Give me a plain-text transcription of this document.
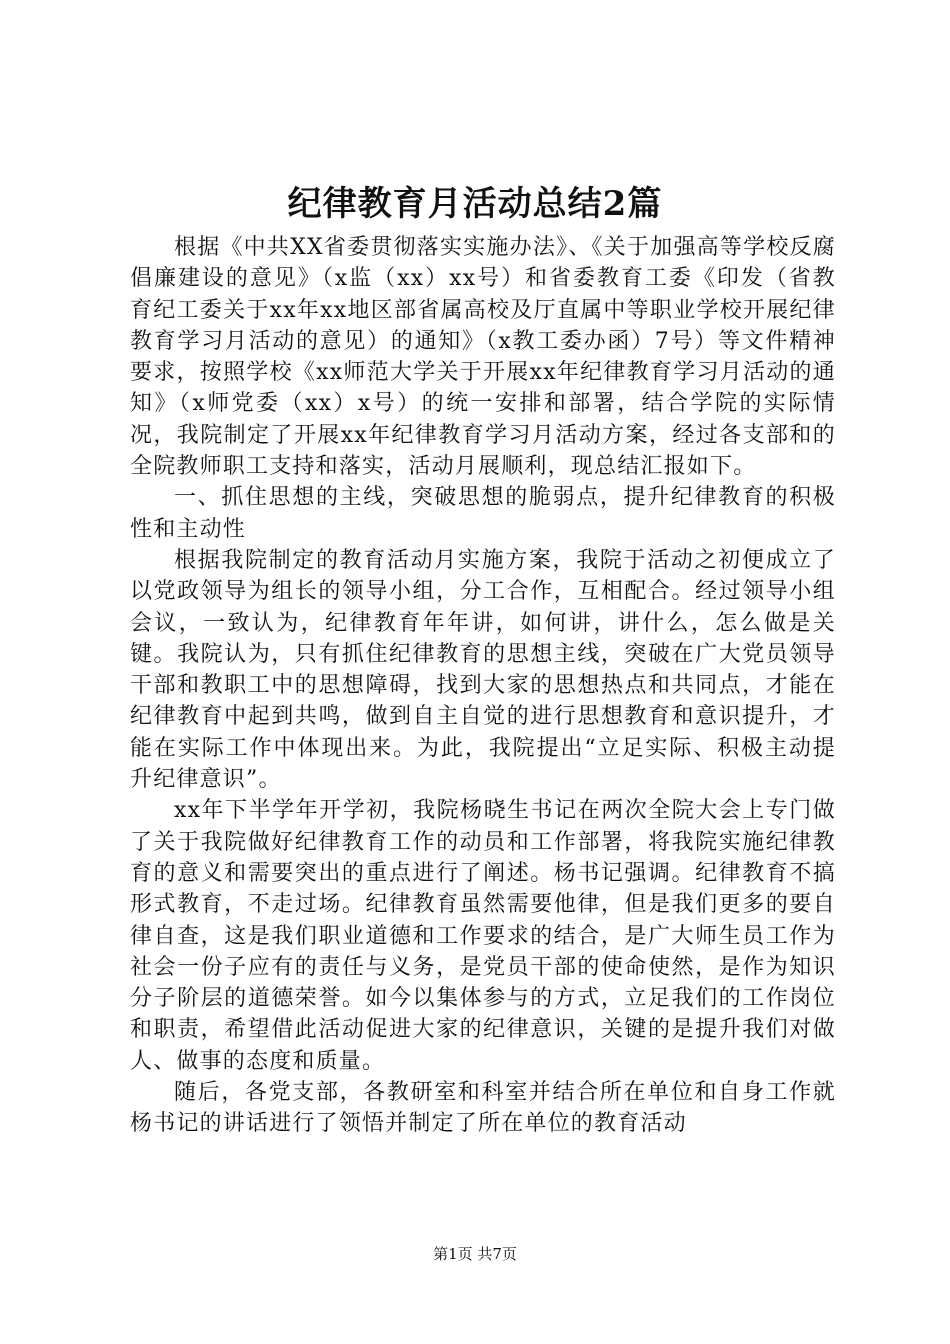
纪律教育月活动总结2篇

根据《中共XX省委贯彻落实实施办法》、《关于加强高等学校反腐倡廉建设的意见》（x监（xx）xx号）和省委教育工委《印发（省教育纪工委关于xx年xx地区部省属高校及厅直属中等职业学校开展纪律教育学习月活动的意见）的通知》（x教工委办函）7号）等文件精神要求，按照学校《xx师范大学关于开展xx年纪律教育学习月活动的通知》（x师党委（xx）x号）的统一安排和部署，结合学院的实际情况，我院制定了开展xx年纪律教育学习月活动方案，经过各支部和的全院教师职工支持和落实，活动月展顺利，现总结汇报如下。

一、抓住思想的主线，突破思想的脆弱点，提升纪律教育的积极性和主动性

根据我院制定的教育活动月实施方案，我院于活动之初便成立了以党政领导为组长的领导小组，分工合作，互相配合。经过领导小组会议，一致认为，纪律教育年年讲，如何讲，讲什么，怎么做是关键。我院认为，只有抓住纪律教育的思想主线，突破在广大党员领导干部和教职工中的思想障碍，找到大家的思想热点和共同点，才能在纪律教育中起到共鸣，做到自主自觉的进行思想教育和意识提升，才能在实际工作中体现出来。为此，我院提出“立足实际、积极主动提升纪律意识”。

xx年下半学年开学初，我院杨晓生书记在两次全院大会上专门做了关于我院做好纪律教育工作的动员和工作部署，将我院实施纪律教育的意义和需要突出的重点进行了阐述。杨书记强调。纪律教育不搞形式教育，不走过场。纪律教育虽然需要他律，但是我们更多的要自律自查，这是我们职业道德和工作要求的结合，是广大师生员工作为社会一份子应有的责任与义务，是党员干部的使命使然，是作为知识分子阶层的道德荣誉。如今以集体参与的方式，立足我们的工作岗位和职责，希望借此活动促进大家的纪律意识，关键的是提升我们对做人、做事的态度和质量。

随后，各党支部，各教研室和科室并结合所在单位和自身工作就杨书记的讲话进行了领悟并制定了所在单位的教育活动

第1页 共7页
